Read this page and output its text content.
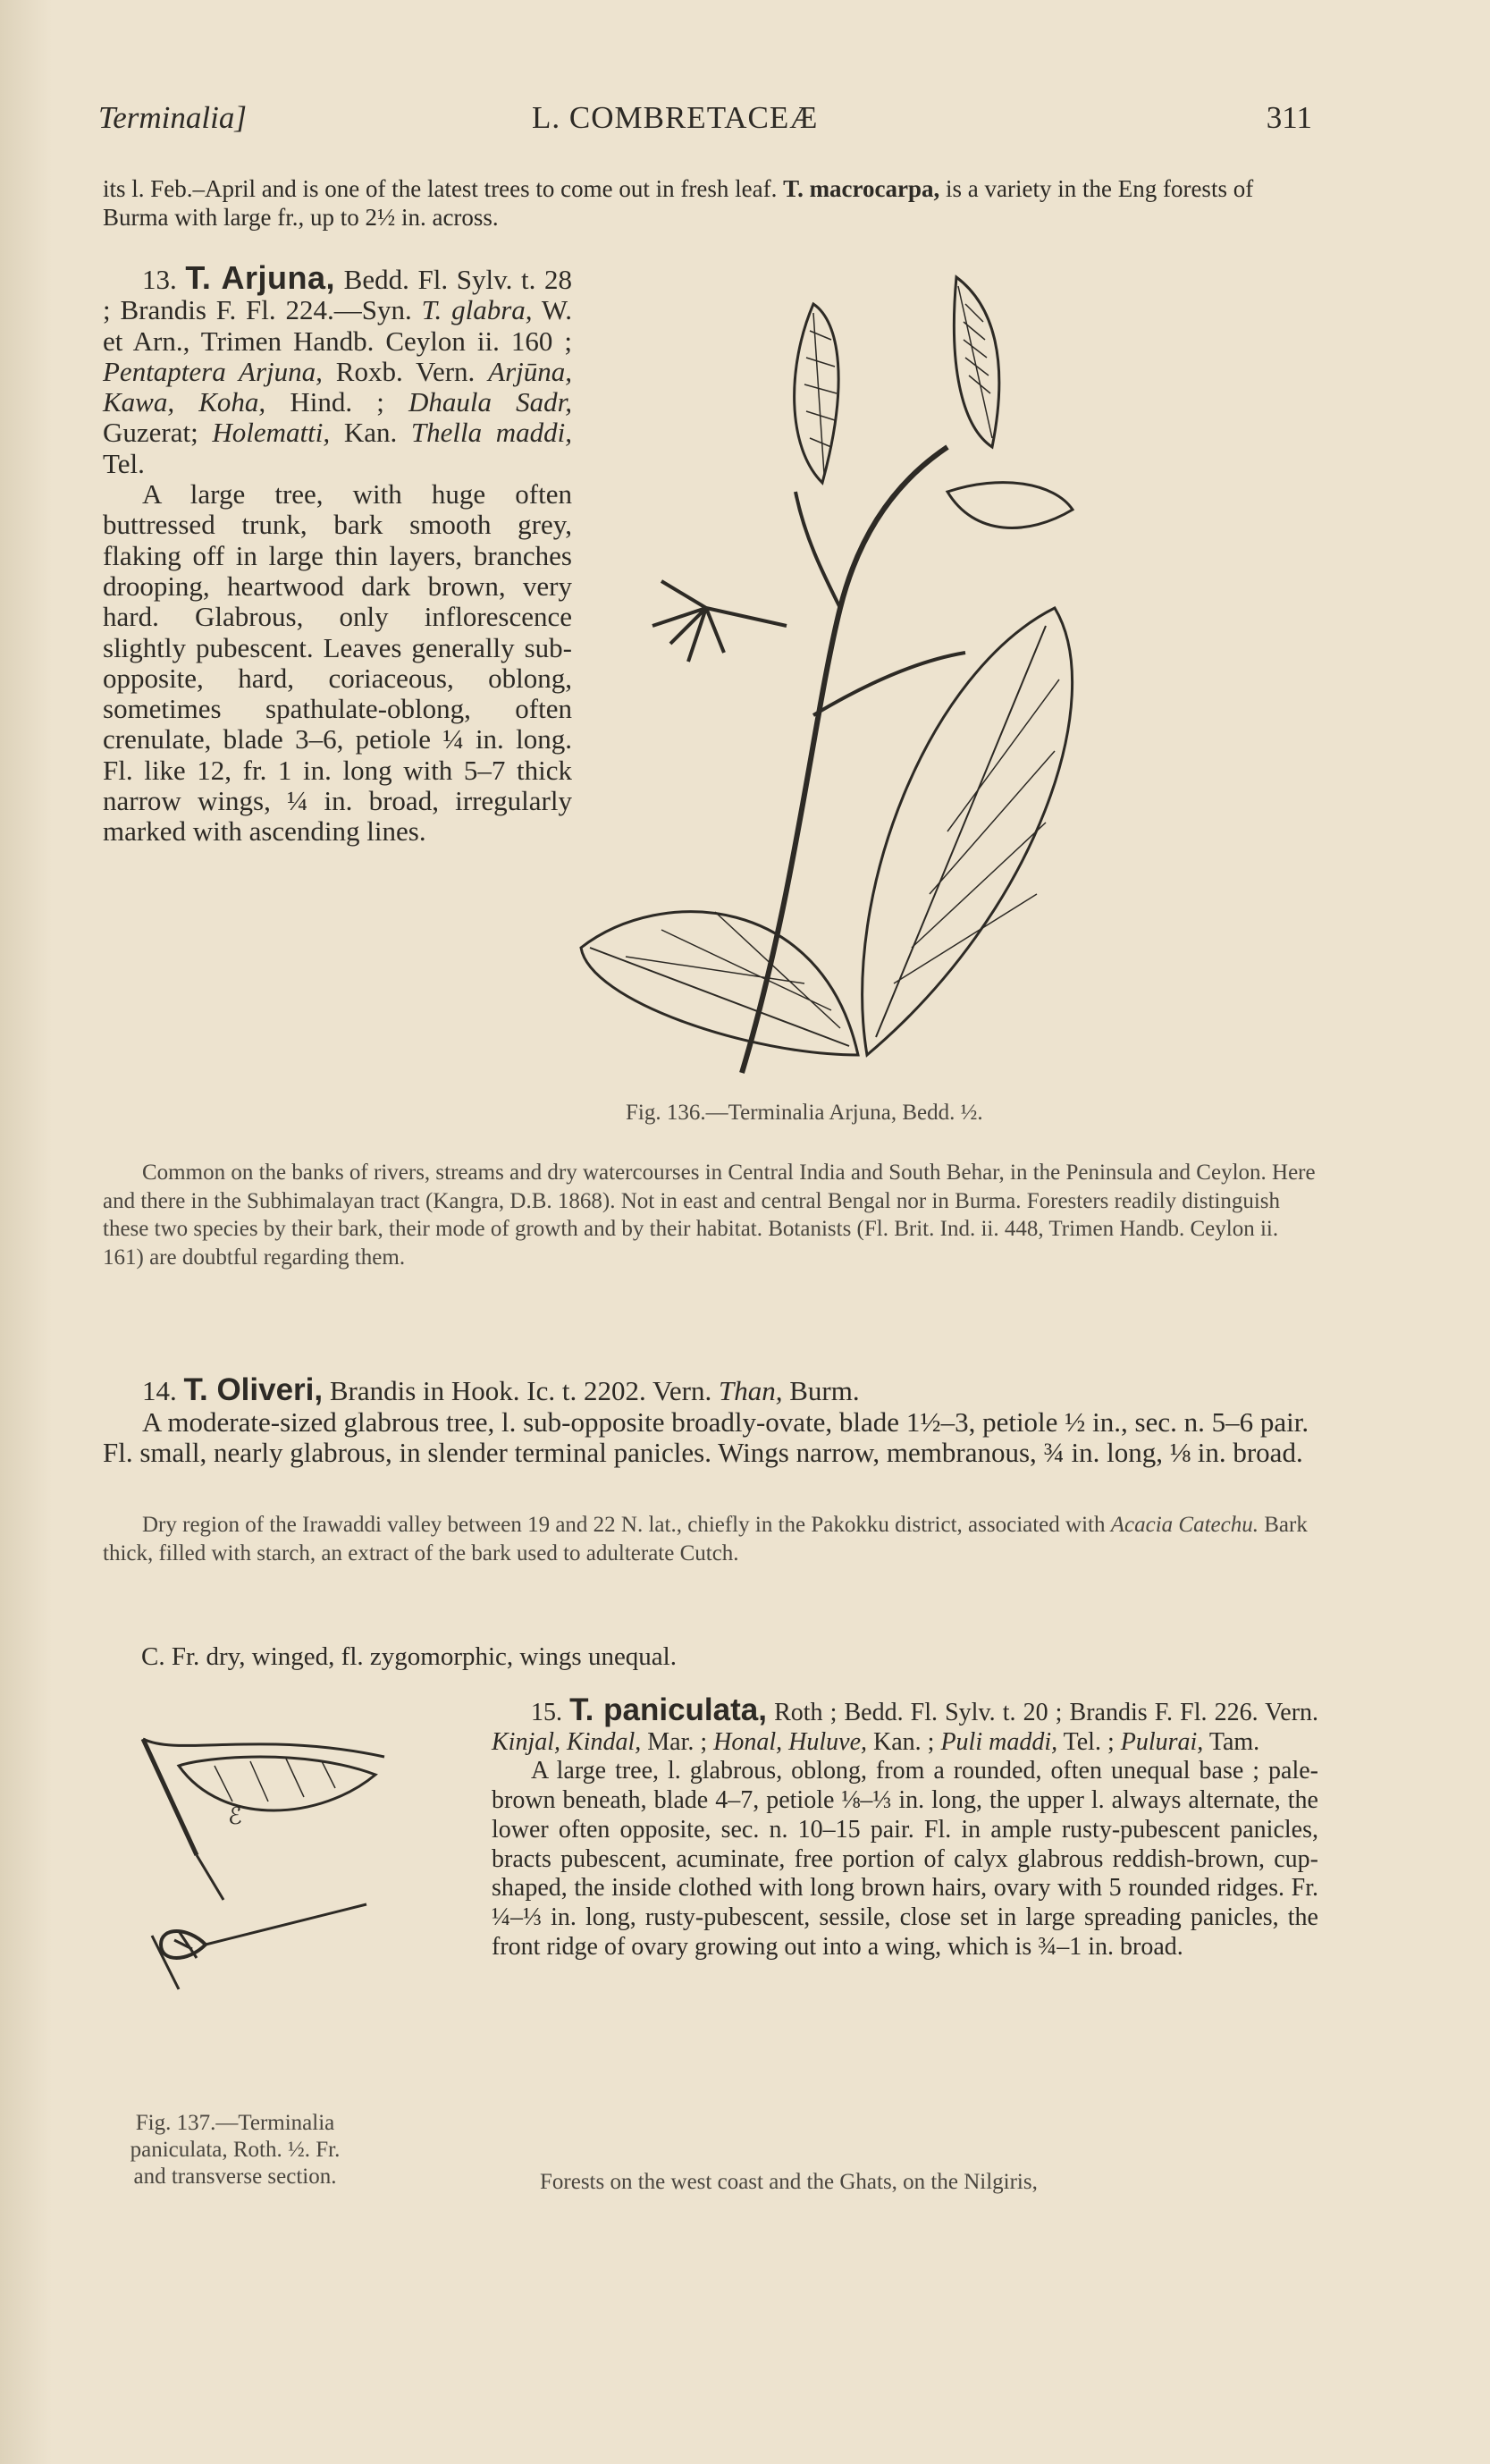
Terminalia]	L. COMBRETACEÆ	311

its l. Feb.–April and is one of the latest trees to come out in fresh leaf. T. macrocarpa, is a variety in the Eng forests of Burma with large fr., up to 2½ in. across.

13. T. Arjuna, Bedd. Fl. Sylv. t. 28 ; Brandis F. Fl. 224.—Syn. T. glabra, W. et Arn., Trimen Handb. Ceylon ii. 160 ; Pentaptera Arjuna, Roxb. Vern. Arjūna, Kawa, Koha, Hind. ; Dhaula Sadr, Guzerat; Holematti, Kan. Thella maddi, Tel.
A large tree, with huge often buttressed trunk, bark smooth grey, flaking off in large thin layers, branches drooping, heartwood dark brown, very hard. Glabrous, only inflorescence slightly pubescent. Leaves generally sub-opposite, hard, coriaceous, oblong, sometimes spathulate-oblong, often crenulate, blade 3–6, petiole ¼ in. long. Fl. like 12, fr. 1 in. long with 5–7 thick narrow wings, ¼ in. broad, irregularly marked with ascending lines.
Fig. 136.—Terminalia Arjuna, Bedd. ½.
Common on the banks of rivers, streams and dry watercourses in Central India and South Behar, in the Peninsula and Ceylon. Here and there in the Subhimalayan tract (Kangra, D.B. 1868). Not in east and central Bengal nor in Burma. Foresters readily distinguish these two species by their bark, their mode of growth and by their habitat. Botanists (Fl. Brit. Ind. ii. 448, Trimen Handb. Ceylon ii. 161) are doubtful regarding them.
14. T. Oliveri, Brandis in Hook. Ic. t. 2202. Vern. Than, Burm.
A moderate-sized glabrous tree, l. sub-opposite broadly-ovate, blade 1½–3, petiole ½ in., sec. n. 5–6 pair. Fl. small, nearly glabrous, in slender terminal panicles. Wings narrow, membranous, ¾ in. long, ⅛ in. broad.
Dry region of the Irawaddi valley between 19 and 22 N. lat., chiefly in the Pakokku district, associated with Acacia Catechu. Bark thick, filled with starch, an extract of the bark used to adulterate Cutch.
C. Fr. dry, winged, fl. zygomorphic, wings unequal.
ℰ
Fig. 137.—Terminalia paniculata, Roth. ½. Fr. and transverse section.
15. T. paniculata, Roth ; Bedd. Fl. Sylv. t. 20 ; Brandis F. Fl. 226. Vern. Kinjal, Kindal, Mar. ; Honal, Huluve, Kan. ; Puli maddi, Tel. ; Pulurai, Tam.
A large tree, l. glabrous, oblong, from a rounded, often unequal base ; pale-brown beneath, blade 4–7, petiole ⅛–⅓ in. long, the upper l. always alternate, the lower often opposite, sec. n. 10–15 pair. Fl. in ample rusty-pubescent panicles, bracts pubescent, acuminate, free portion of calyx glabrous reddish-brown, cup-shaped, the inside clothed with long brown hairs, ovary with 5 rounded ridges. Fr. ¼–⅓ in. long, rusty-pubescent, sessile, close set in large spreading panicles, the front ridge of ovary growing out into a wing, which is ¾–1 in. broad.
Forests on the west coast and the Ghats, on the Nilgiris,
